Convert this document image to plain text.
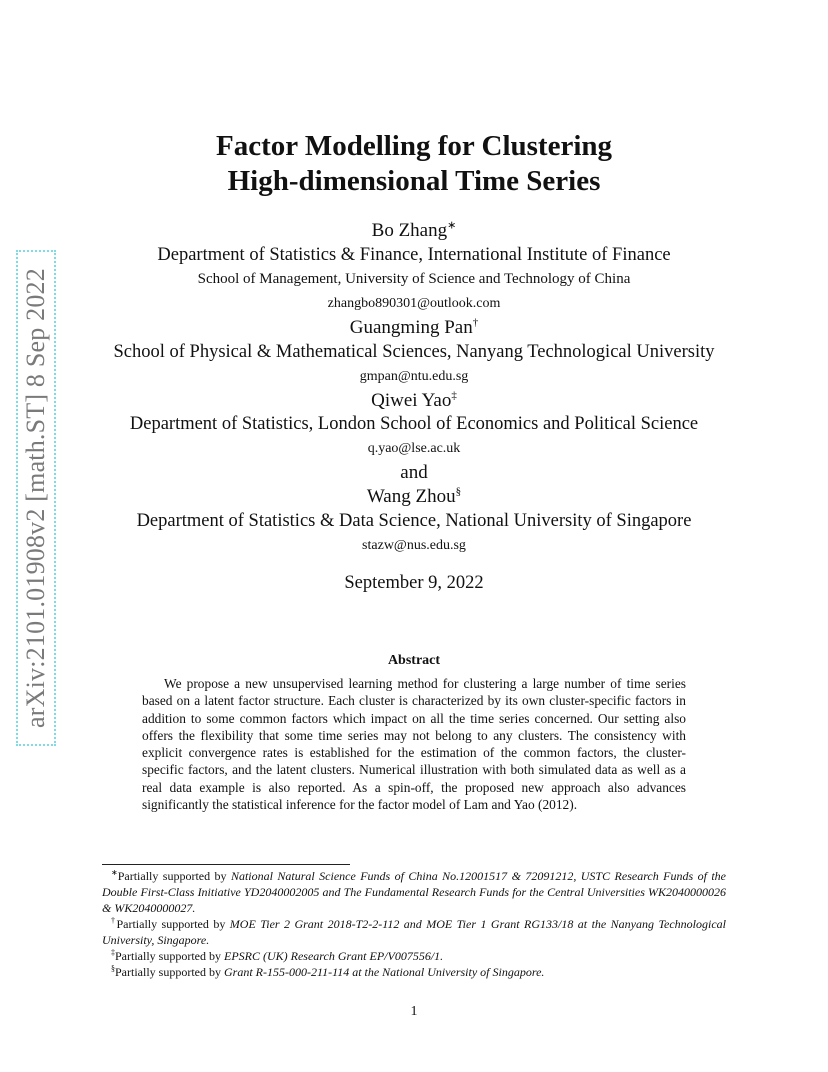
arXiv:2101.01908v2 [math.ST] 8 Sep 2022
Factor Modelling for Clustering
High-dimensional Time Series
Bo Zhang∗
Department of Statistics & Finance, International Institute of Finance
School of Management, University of Science and Technology of China
zhangbo890301@outlook.com
Guangming Pan†
School of Physical & Mathematical Sciences, Nanyang Technological University
gmpan@ntu.edu.sg
Qiwei Yao‡
Department of Statistics, London School of Economics and Political Science
q.yao@lse.ac.uk
and
Wang Zhou§
Department of Statistics & Data Science, National University of Singapore
stazw@nus.edu.sg
September 9, 2022
Abstract
We propose a new unsupervised learning method for clustering a large number of time series based on a latent factor structure. Each cluster is characterized by its own cluster-specific factors in addition to some common factors which impact on all the time series concerned. Our setting also offers the flexibility that some time series may not belong to any clusters. The consistency with explicit convergence rates is established for the estimation of the common factors, the cluster-specific factors, and the latent clusters. Numerical illustration with both simulated data as well as a real data example is also reported. As a spin-off, the proposed new approach also advances significantly the statistical inference for the factor model of Lam and Yao (2012).

∗Partially supported by National Natural Science Funds of China No.12001517 & 72091212, USTC Research Funds of the Double First-Class Initiative YD2040002005 and The Fundamental Research Funds for the Central Universities WK2040000026 & WK2040000027.

†Partially supported by MOE Tier 2 Grant 2018-T2-2-112 and MOE Tier 1 Grant RG133/18 at the Nanyang Technological University, Singapore.

‡Partially supported by EPSRC (UK) Research Grant EP/V007556/1.

§Partially supported by Grant R-155-000-211-114 at the National University of Singapore.

1
